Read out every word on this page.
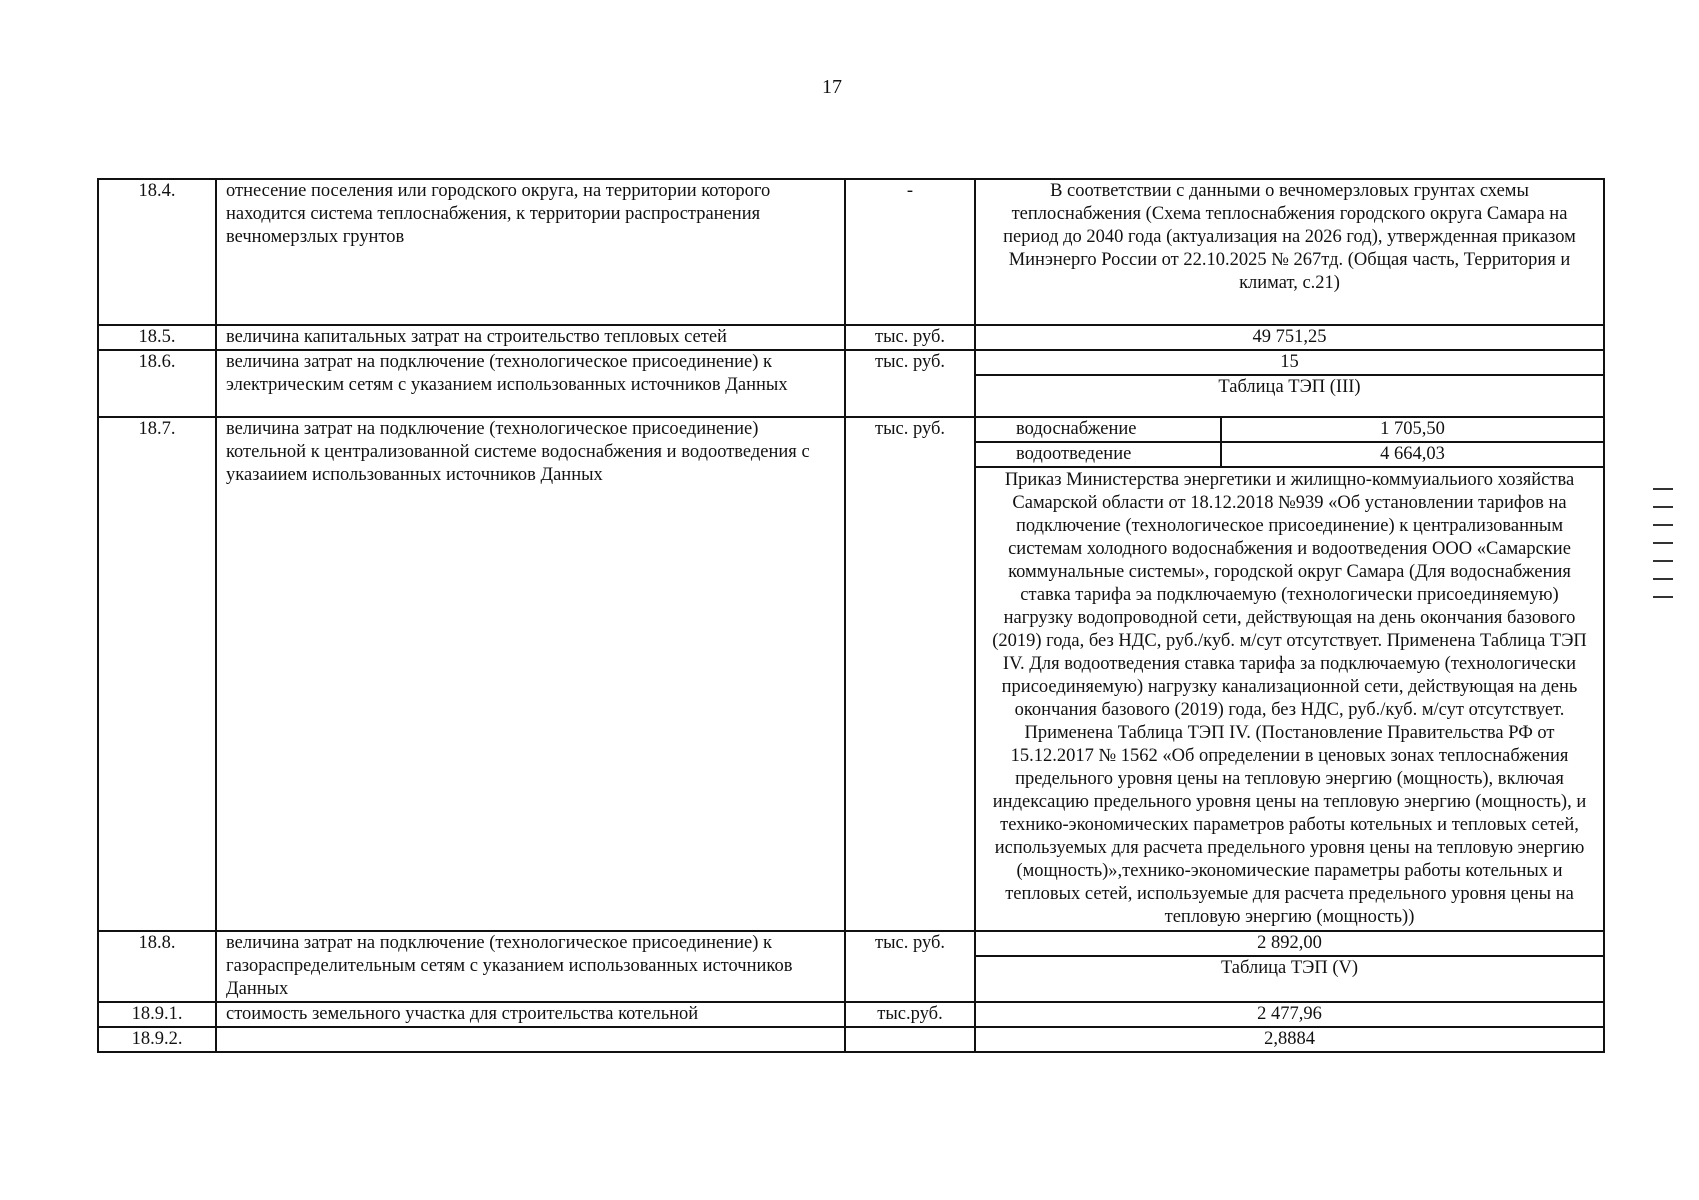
17
18.4.	отнесение поселения или городского округа, на территории которого находится система теплоснабжения, к территории распространения вечномерзлых грунтов	-	В соответствии с данными о вечномерзловых грунтах схемы теплоснабжения (Схема теплоснабжения городского округа Самара на период до 2040 года (актуализация на 2026 год), утвержденная приказом Минэнерго России от 22.10.2025 № 267тд. (Общая часть, Территория и климат, с.21)
18.5.	величина капитальных затрат на строительство тепловых сетей	тыс. руб.	49 751,25
18.6.	величина затрат на подключение (технологическое присоединение) к электрическим сетям с указанием использованных источников Данных	тыс. руб.		15
Таблица ТЭП (III)

18.7.	величина затрат на подключение (технологическое присоединение) котельной к централизованной системе водоснабжения и водоотведения с указаиием использованных источников Данных	тыс. руб.		водоснабжение	1 705,50
водоотведение	4 664,03
Приказ Министерства энергетики и жилищно-коммуиальиого хозяйства Самарской области от 18.12.2018 №939 «Об установлении тарифов на подключение (технологическое присоединение) к централизованным системам холодного водоснабжения и водоотведения ООО «Самарские коммунальные системы», городской округ Самара (Для водоснабжения ставка тарифа эа подключаемую (технологически присоединяемую) нагрузку водопроводной сети, действующая на день окончания базового (2019) года, без НДС, руб./куб. м/сут отсутствует. Применена Таблица ТЭП IV. Для водоотведения ставка тарифа за подключаемую (технологически присоединяемую) нагрузку канализационной сети, действующая на день окончания базового (2019) года, без НДС, руб./куб. м/сут отсутствует. Применена Таблица ТЭП IV. (Постановление Правительства РФ от 15.12.2017 № 1562 «Об определении в ценовых зонах теплоснабжения предельного уровня цены на тепловую энергию (мощность), включая индексацию предельного уровня цены на тепловую энергию (мощность), и технико-экономических параметров работы котельных и тепловых сетей, используемых для расчета предельного уровня цены на тепловую энергию (мощность)»,технико-экономические параметры работы котельных и тепловых сетей, используемые для расчета предельного уровня цены на тепловую энергию (мощность))

18.8.	величина затрат на подключение (технологическое присоединение) к газораспределительным сетям с указанием использованных источников Данных	тыс. руб.		2 892,00
Таблица ТЭП (V)

18.9.1.	стоимость земельного участка для строительства котельной	тыс.руб.	2 477,96
18.9.2.			2,8884
